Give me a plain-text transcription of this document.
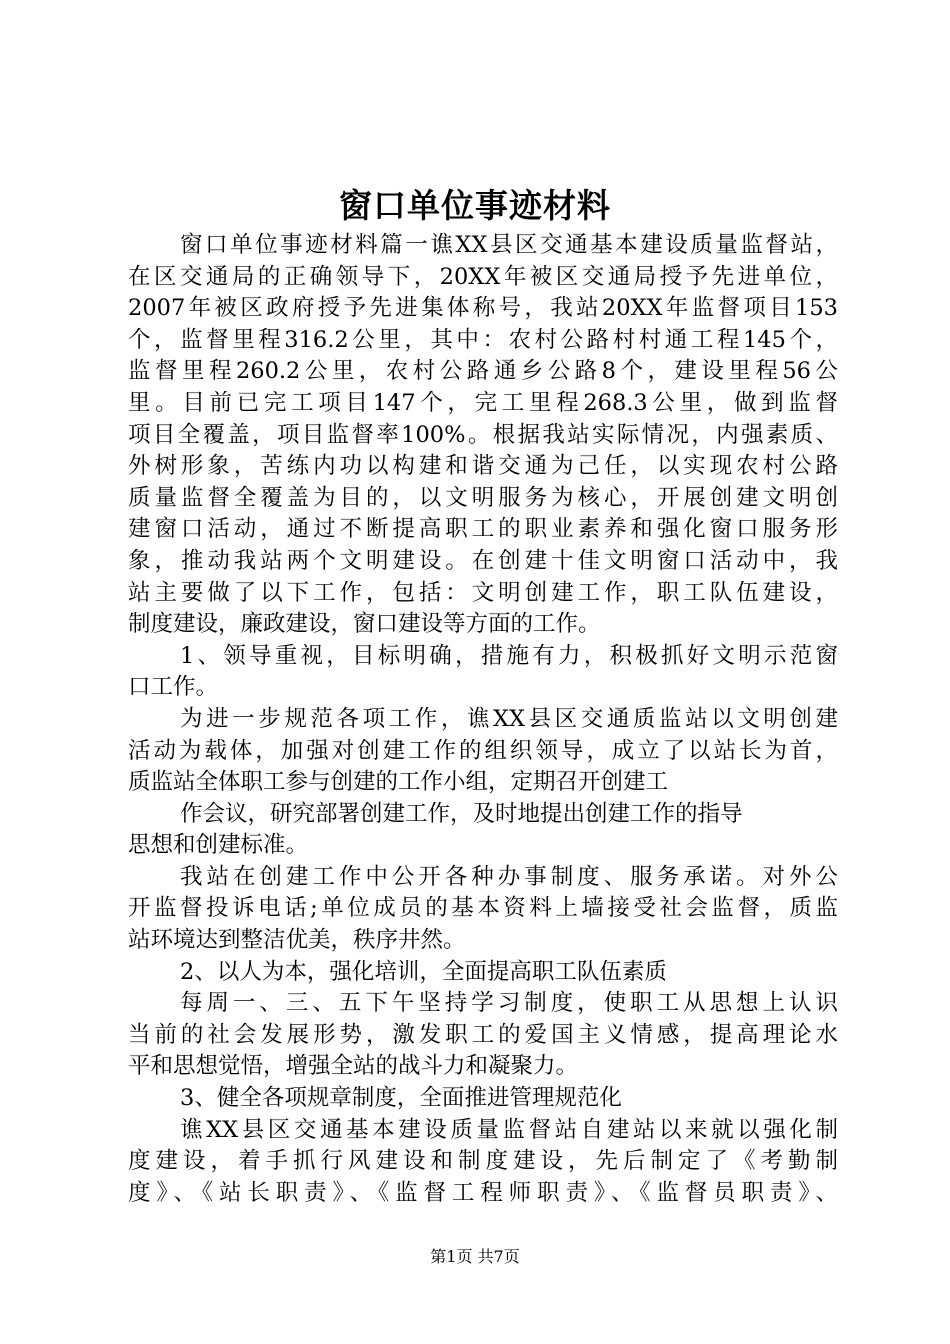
窗口单位事迹材料
窗口单位事迹材料篇一谯XX县区交通基本建设质量监督站，
在区交通局的正确领导下，20XX年被区交通局授予先进单位，
2007年被区政府授予先进集体称号，我站20XX年监督项目153
个，监督里程316.2公里，其中：农村公路村村通工程145个，
监督里程260.2公里，农村公路通乡公路8个，建设里程56公
里。目前已完工项目147个，完工里程268.3公里，做到监督
项目全覆盖，项目监督率100%。根据我站实际情况，内强素质、
外树形象，苦练内功以构建和谐交通为己任，以实现农村公路
质量监督全覆盖为目的，以文明服务为核心，开展创建文明创
建窗口活动，通过不断提高职工的职业素养和强化窗口服务形
象，推动我站两个文明建设。在创建十佳文明窗口活动中，我
站主要做了以下工作，包括：文明创建工作，职工队伍建设，
制度建设，廉政建设，窗口建设等方面的工作。
1、领导重视，目标明确，措施有力，积极抓好文明示范窗
口工作。
为进一步规范各项工作，谯XX县区交通质监站以文明创建
活动为载体，加强对创建工作的组织领导，成立了以站长为首，
质监站全体职工参与创建的工作小组，定期召开创建工
作会议，研究部署创建工作，及时地提出创建工作的指导
思想和创建标准。
我站在创建工作中公开各种办事制度、服务承诺。对外公
开监督投诉电话;单位成员的基本资料上墙接受社会监督，质监
站环境达到整洁优美，秩序井然。
2、以人为本，强化培训，全面提高职工队伍素质
每周一、三、五下午坚持学习制度，使职工从思想上认识
当前的社会发展形势，激发职工的爱国主义情感，提高理论水
平和思想觉悟，增强全站的战斗力和凝聚力。
3、健全各项规章制度，全面推进管理规范化
谯XX县区交通基本建设质量监督站自建站以来就以强化制
度建设，着手抓行风建设和制度建设，先后制定了《考勤制
度》、《站长职责》、《监督工程师职责》、《监督员职责》、
第1页 共7页
